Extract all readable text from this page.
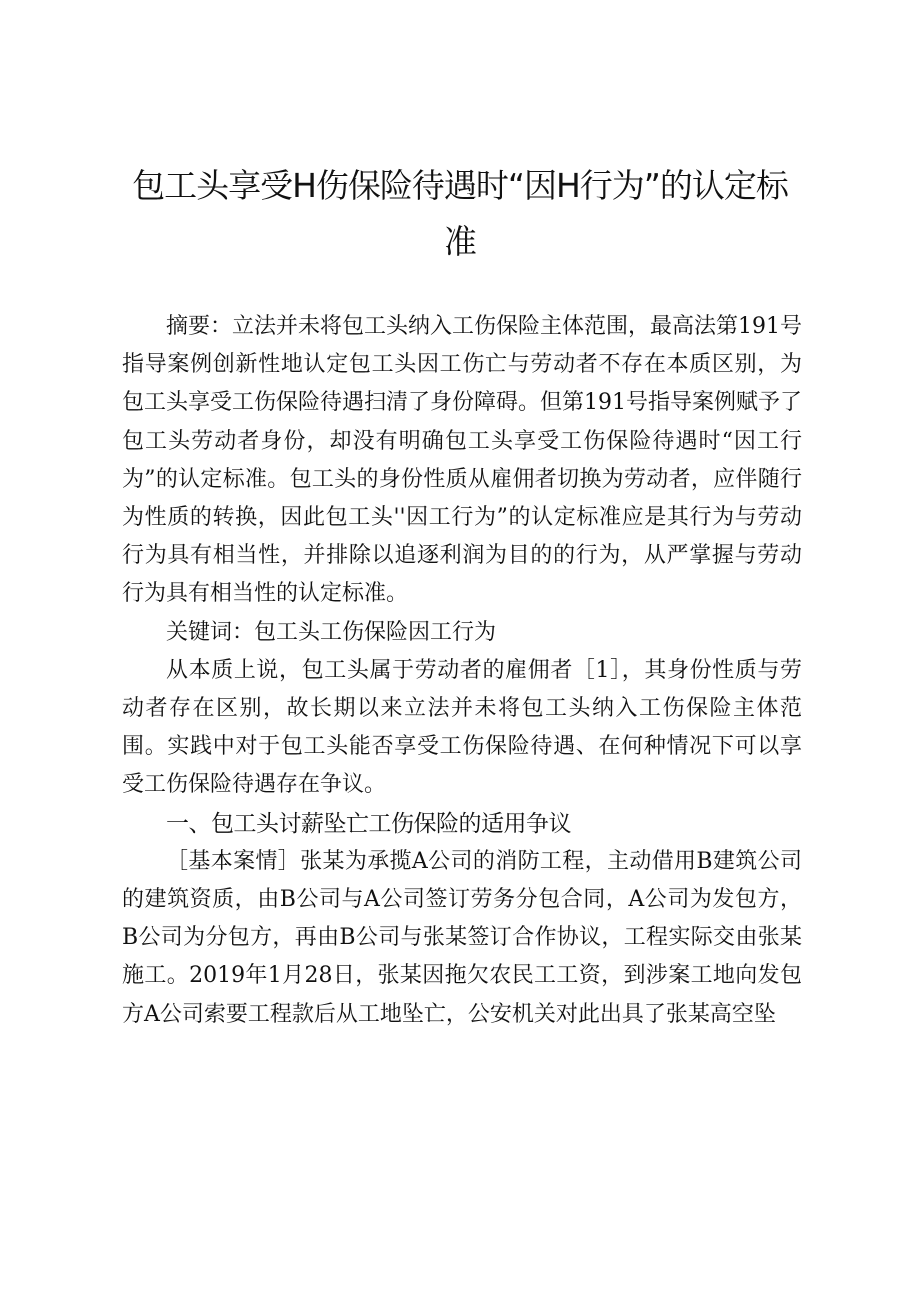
包工头享受H伤保险待遇时“因H行为”的认定标准

摘要：立法并未将包工头纳入工伤保险主体范围，最高法第191号指导案例创新性地认定包工头因工伤亡与劳动者不存在本质区别，为包工头享受工伤保险待遇扫清了身份障碍。但第191号指导案例赋予了包工头劳动者身份，却没有明确包工头享受工伤保险待遇时“因工行为”的认定标准。包工头的身份性质从雇佣者切换为劳动者，应伴随行为性质的转换，因此包工头''因工行为”的认定标准应是其行为与劳动行为具有相当性，并排除以追逐利润为目的的行为，从严掌握与劳动行为具有相当性的认定标准。

关键词：包工头工伤保险因工行为

从本质上说，包工头属于劳动者的雇佣者［1］，其身份性质与劳动者存在区别，故长期以来立法并未将包工头纳入工伤保险主体范围。实践中对于包工头能否享受工伤保险待遇、在何种情况下可以享受工伤保险待遇存在争议。

一、包工头讨薪坠亡工伤保险的适用争议

［基本案情］张某为承揽A公司的消防工程，主动借用B建筑公司的建筑资质，由B公司与A公司签订劳务分包合同，A公司为发包方，B公司为分包方，再由B公司与张某签订合作协议，工程实际交由张某施工。2019年1月28日，张某因拖欠农民工工资，到涉案工地向发包方A公司索要工程款后从工地坠亡，公安机关对此出具了张某高空坠
